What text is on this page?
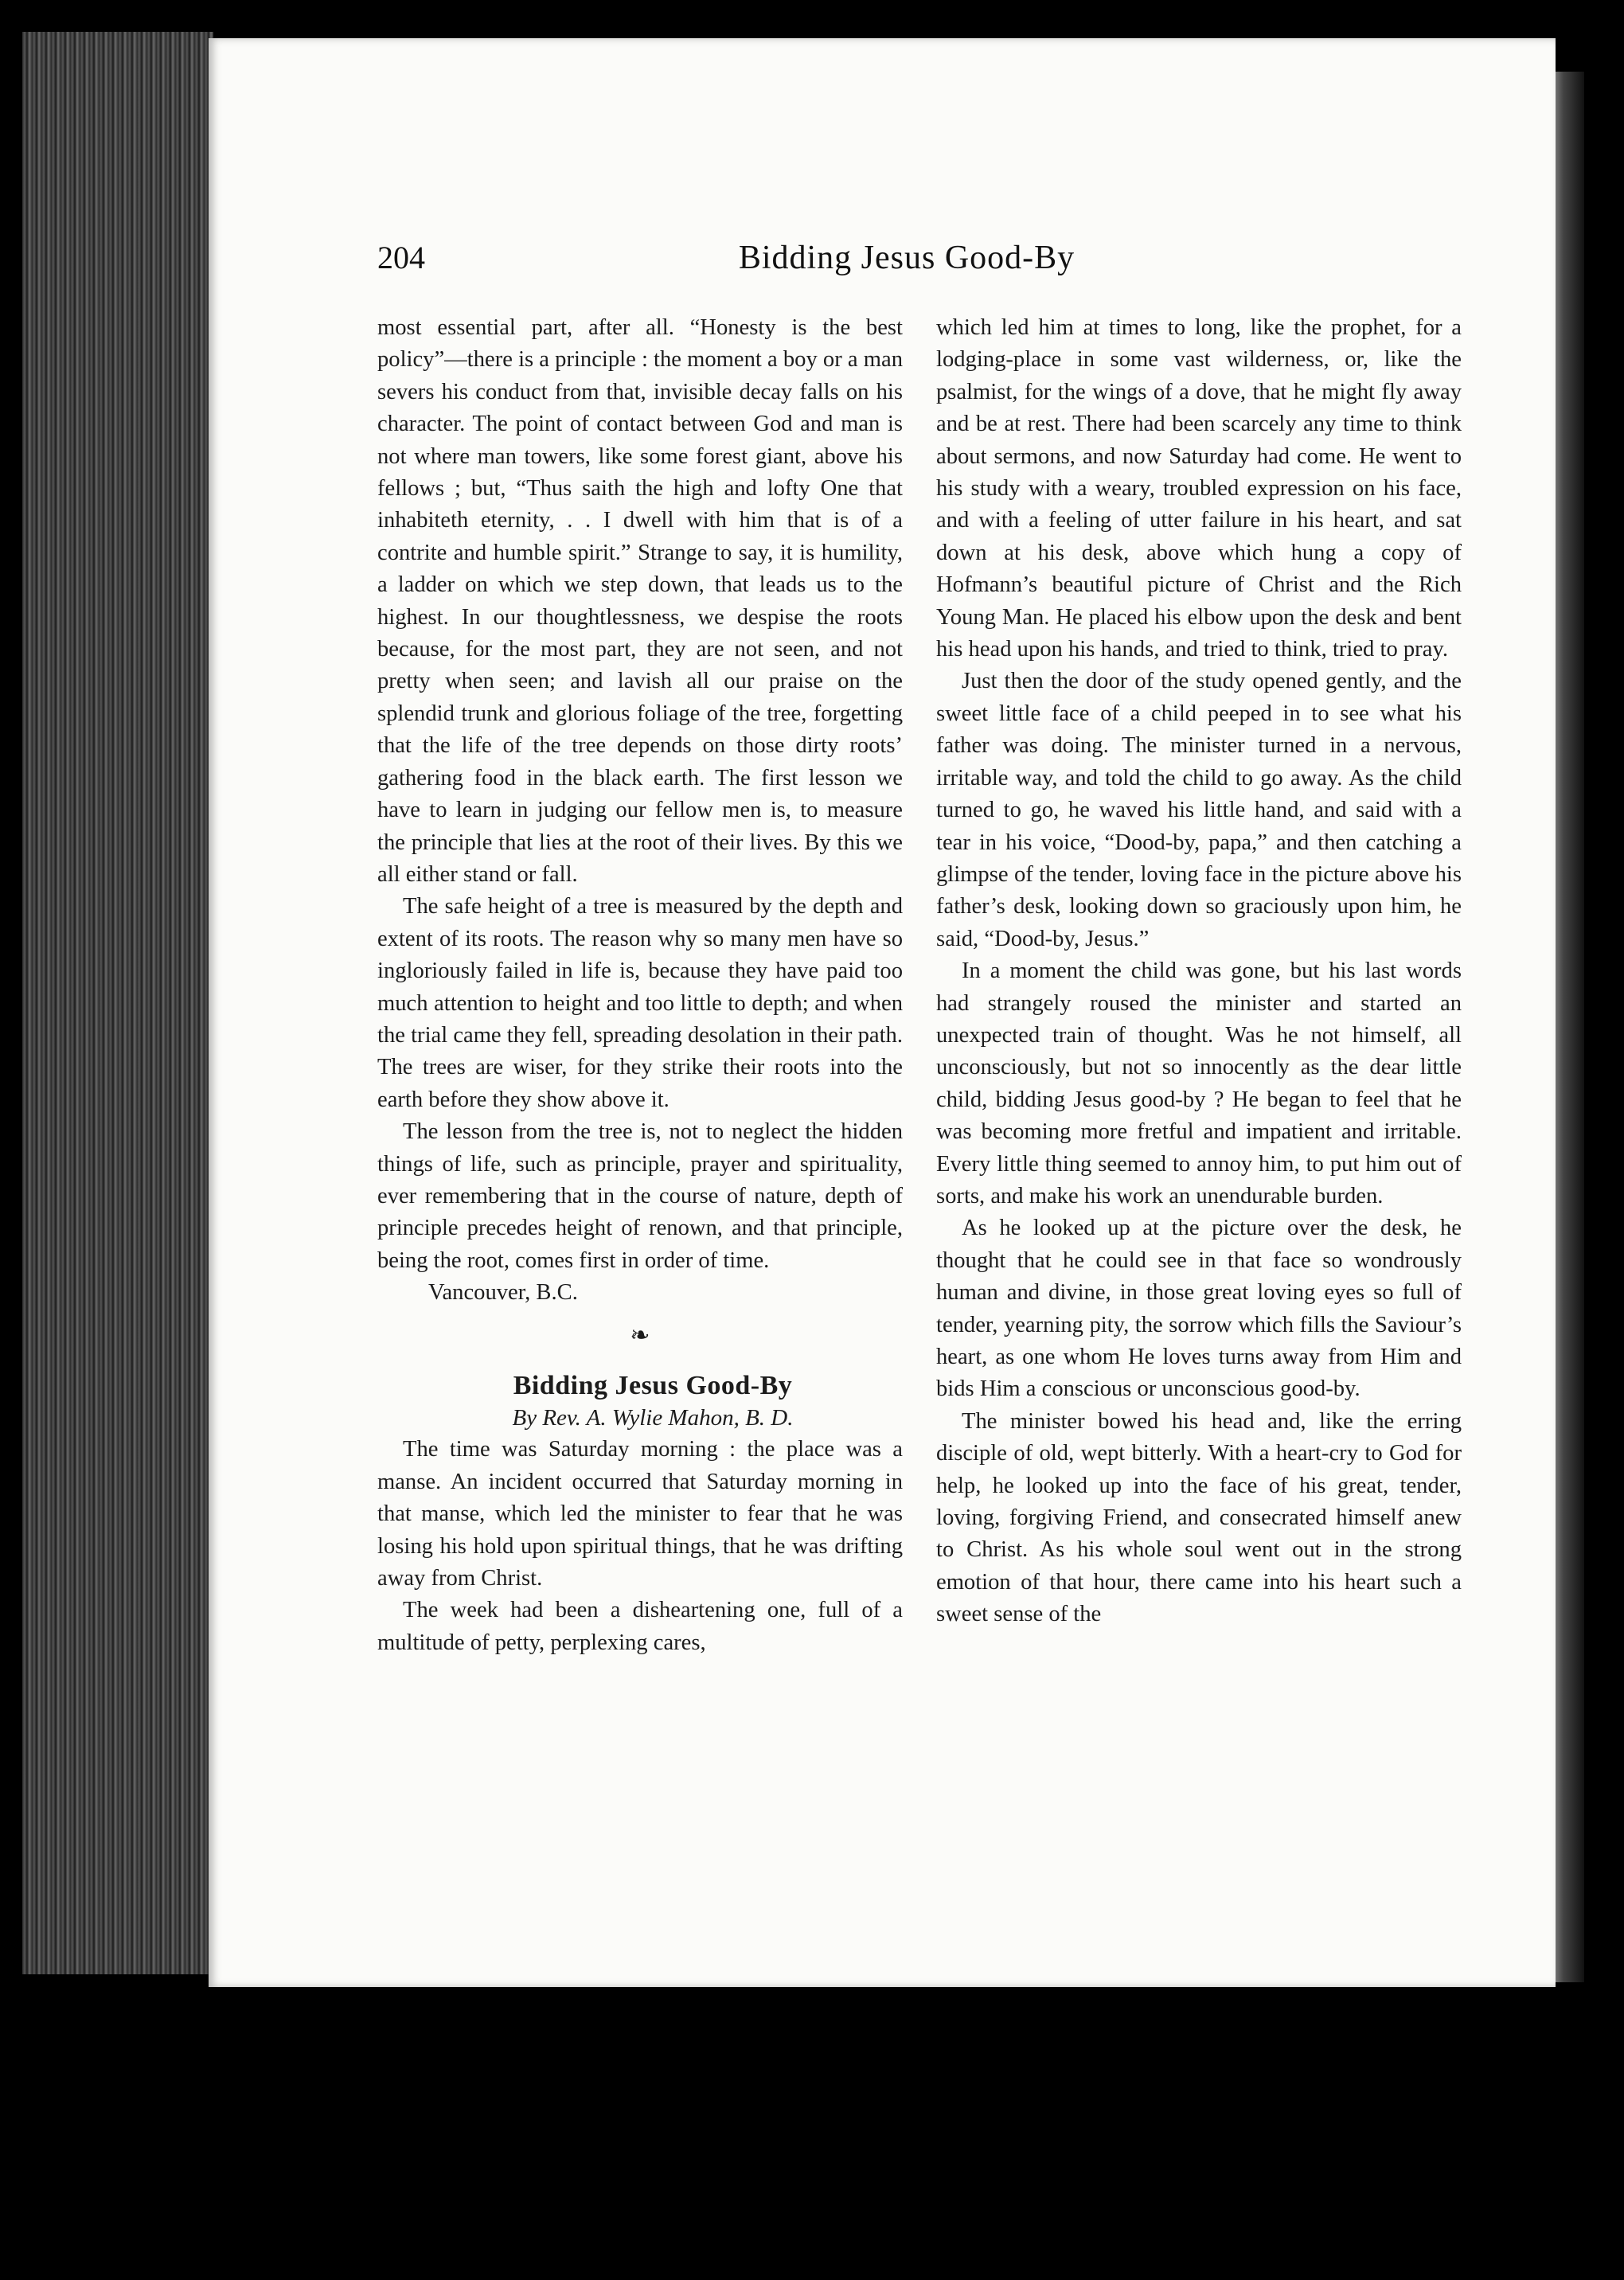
204	Bidding Jesus Good-By

most essential part, after all. “Honesty is the best policy”—there is a principle : the moment a boy or a man severs his conduct from that, invisible decay falls on his character. The point of contact between God and man is not where man towers, like some forest giant, above his fellows ; but, “Thus saith the high and lofty One that inhabiteth eternity, . . I dwell with him that is of a contrite and humble spirit.” Strange to say, it is humility, a ladder on which we step down, that leads us to the highest. In our thoughtlessness, we despise the roots because, for the most part, they are not seen, and not pretty when seen; and lavish all our praise on the splendid trunk and glorious foliage of the tree, forgetting that the life of the tree depends on those dirty roots’ gathering food in the black earth. The first lesson we have to learn in judging our fellow men is, to measure the principle that lies at the root of their lives. By this we all either stand or fall.

The safe height of a tree is measured by the depth and extent of its roots. The reason why so many men have so ingloriously failed in life is, because they have paid too much attention to height and too little to depth; and when the trial came they fell, spreading desolation in their path. The trees are wiser, for they strike their roots into the earth before they show above it.

The lesson from the tree is, not to neglect the hidden things of life, such as principle, prayer and spirituality, ever remembering that in the course of nature, depth of principle precedes height of renown, and that principle, being the root, comes first in order of time.

Vancouver, B.C.

❧

Bidding Jesus Good-By

By Rev. A. Wylie Mahon, B. D.

The time was Saturday morning : the place was a manse. An incident occurred that Saturday morning in that manse, which led the minister to fear that he was losing his hold upon spiritual things, that he was drifting away from Christ.

The week had been a disheartening one, full of a multitude of petty, perplexing cares,

which led him at times to long, like the prophet, for a lodging-place in some vast wilderness, or, like the psalmist, for the wings of a dove, that he might fly away and be at rest. There had been scarcely any time to think about sermons, and now Saturday had come. He went to his study with a weary, troubled expression on his face, and with a feeling of utter failure in his heart, and sat down at his desk, above which hung a copy of Hofmann’s beautiful picture of Christ and the Rich Young Man. He placed his elbow upon the desk and bent his head upon his hands, and tried to think, tried to pray.

Just then the door of the study opened gently, and the sweet little face of a child peeped in to see what his father was doing. The minister turned in a nervous, irritable way, and told the child to go away. As the child turned to go, he waved his little hand, and said with a tear in his voice, “Dood-by, papa,” and then catching a glimpse of the tender, loving face in the picture above his father’s desk, looking down so graciously upon him, he said, “Dood-by, Jesus.”

In a moment the child was gone, but his last words had strangely roused the minister and started an unexpected train of thought. Was he not himself, all unconsciously, but not so innocently as the dear little child, bidding Jesus good-by ? He began to feel that he was becoming more fretful and impatient and irritable. Every little thing seemed to annoy him, to put him out of sorts, and make his work an unendurable burden.

As he looked up at the picture over the desk, he thought that he could see in that face so wondrously human and divine, in those great loving eyes so full of tender, yearning pity, the sorrow which fills the Saviour’s heart, as one whom He loves turns away from Him and bids Him a conscious or unconscious good-by.

The minister bowed his head and, like the erring disciple of old, wept bitterly. With a heart-cry to God for help, he looked up into the face of his great, tender, loving, forgiving Friend, and consecrated himself anew to Christ. As his whole soul went out in the strong emotion of that hour, there came into his heart such a sweet sense of the
